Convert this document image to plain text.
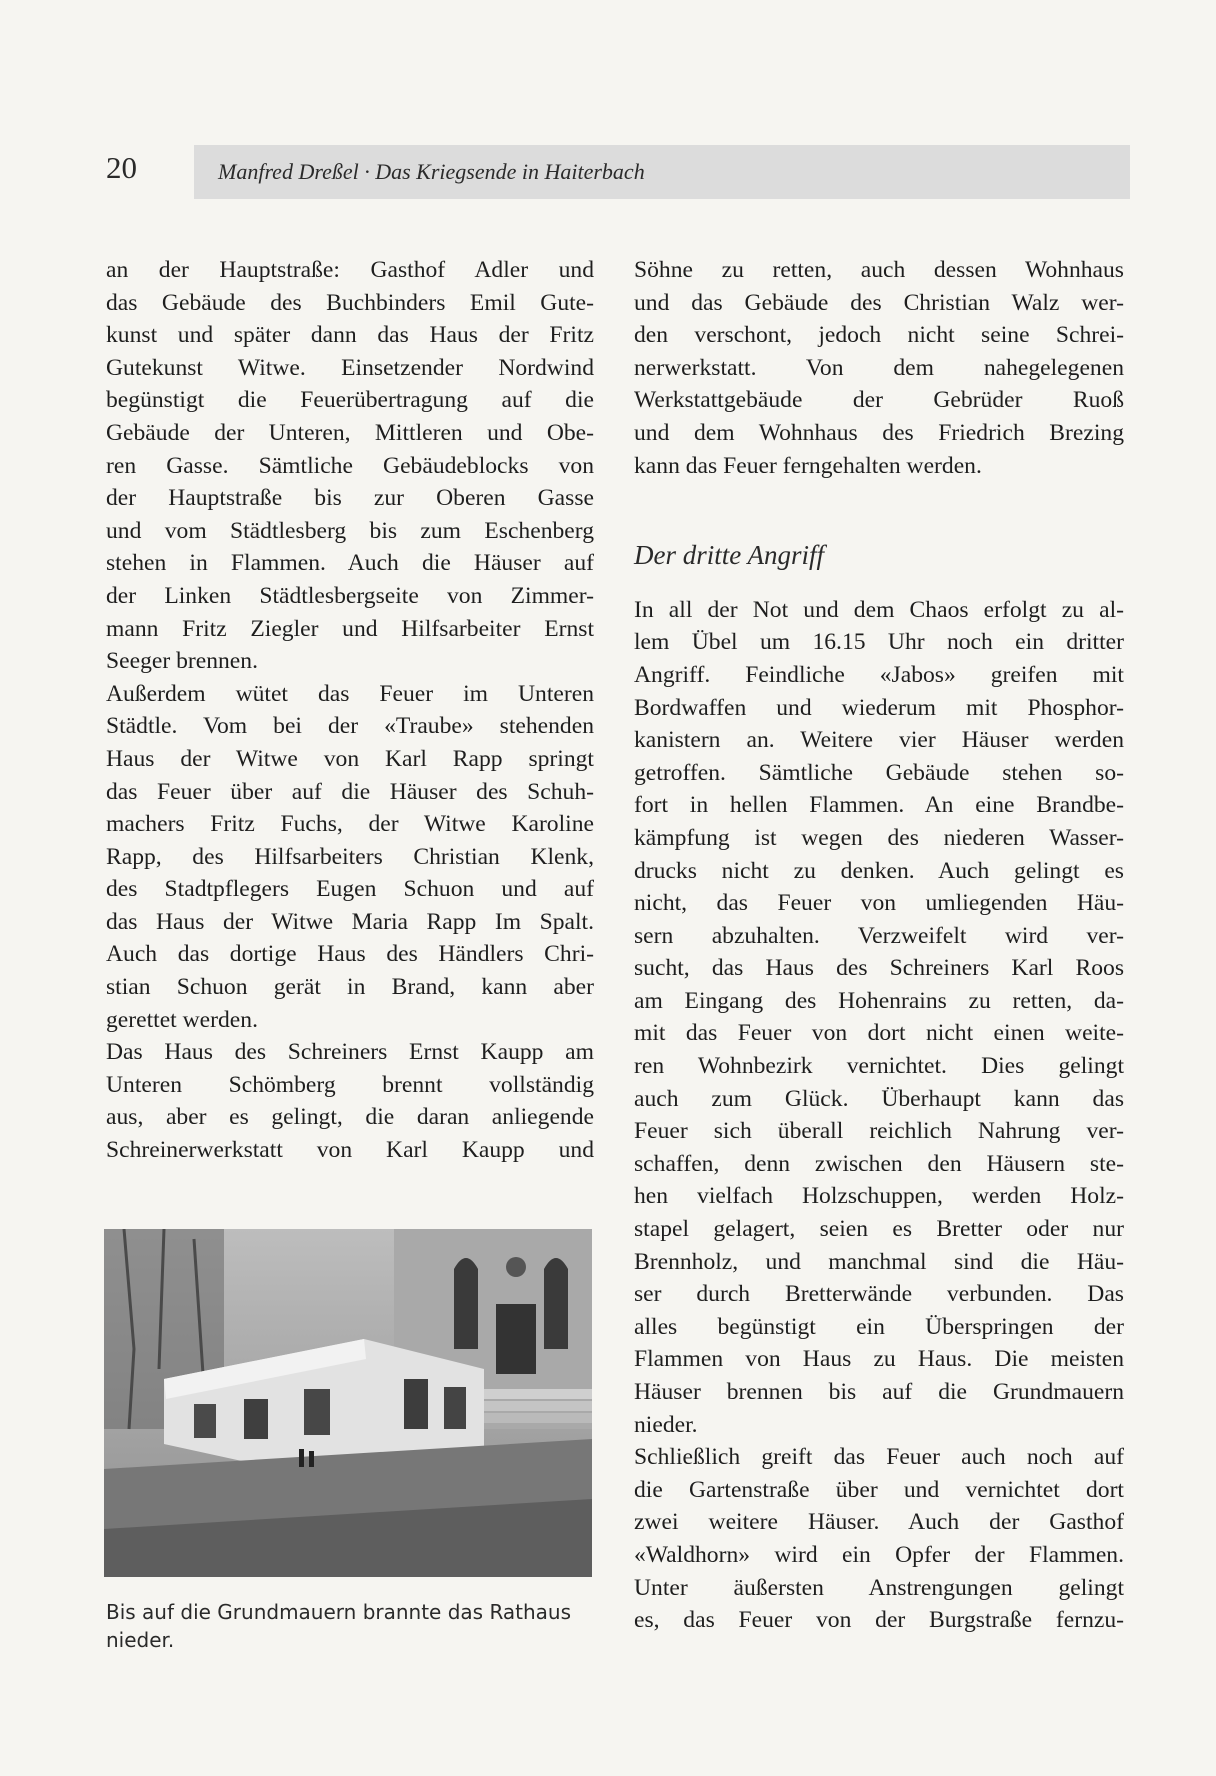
20	Manfred Dreßel · Das Kriegsende in Haiterbach
an der Hauptstraße: Gasthof Adler und
das Gebäude des Buchbinders Emil Gute-
kunst und später dann das Haus der Fritz
Gutekunst Witwe. Einsetzender Nordwind
begünstigt die Feuerübertragung auf die
Gebäude der Unteren, Mittleren und Obe-
ren Gasse. Sämtliche Gebäudeblocks von
der Hauptstraße bis zur Oberen Gasse
und vom Städtlesberg bis zum Eschenberg
stehen in Flammen. Auch die Häuser auf
der Linken Städtlesbergseite von Zimmer-
mann Fritz Ziegler und Hilfsarbeiter Ernst
Seeger brennen.
Außerdem wütet das Feuer im Unteren
Städtle. Vom bei der «Traube» stehenden
Haus der Witwe von Karl Rapp springt
das Feuer über auf die Häuser des Schuh-
machers Fritz Fuchs, der Witwe Karoline
Rapp, des Hilfsarbeiters Christian Klenk,
des Stadtpflegers Eugen Schuon und auf
das Haus der Witwe Maria Rapp Im Spalt.
Auch das dortige Haus des Händlers Chri-
stian Schuon gerät in Brand, kann aber
gerettet werden.
Das Haus des Schreiners Ernst Kaupp am
Unteren Schömberg brennt vollständig
aus, aber es gelingt, die daran anliegende
Schreinerwerkstatt von Karl Kaupp und
Bis auf die Grundmauern brannte das Rathaus
nieder.
Söhne zu retten, auch dessen Wohnhaus
und das Gebäude des Christian Walz wer-
den verschont, jedoch nicht seine Schrei-
nerwerkstatt. Von dem nahegelegenen
Werkstattgebäude der Gebrüder Ruoß
und dem Wohnhaus des Friedrich Brezing
kann das Feuer ferngehalten werden.
Der dritte Angriff
In all der Not und dem Chaos erfolgt zu al-
lem Übel um 16.15 Uhr noch ein dritter
Angriff. Feindliche «Jabos» greifen mit
Bordwaffen und wiederum mit Phosphor-
kanistern an. Weitere vier Häuser werden
getroffen. Sämtliche Gebäude stehen so-
fort in hellen Flammen. An eine Brandbe-
kämpfung ist wegen des niederen Wasser-
drucks nicht zu denken. Auch gelingt es
nicht, das Feuer von umliegenden Häu-
sern abzuhalten. Verzweifelt wird ver-
sucht, das Haus des Schreiners Karl Roos
am Eingang des Hohenrains zu retten, da-
mit das Feuer von dort nicht einen weite-
ren Wohnbezirk vernichtet. Dies gelingt
auch zum Glück. Überhaupt kann das
Feuer sich überall reichlich Nahrung ver-
schaffen, denn zwischen den Häusern ste-
hen vielfach Holzschuppen, werden Holz-
stapel gelagert, seien es Bretter oder nur
Brennholz, und manchmal sind die Häu-
ser durch Bretterwände verbunden. Das
alles begünstigt ein Überspringen der
Flammen von Haus zu Haus. Die meisten
Häuser brennen bis auf die Grundmauern
nieder.
Schließlich greift das Feuer auch noch auf
die Gartenstraße über und vernichtet dort
zwei weitere Häuser. Auch der Gasthof
«Waldhorn» wird ein Opfer der Flammen.
Unter äußersten Anstrengungen gelingt
es, das Feuer von der Burgstraße fernzu-
